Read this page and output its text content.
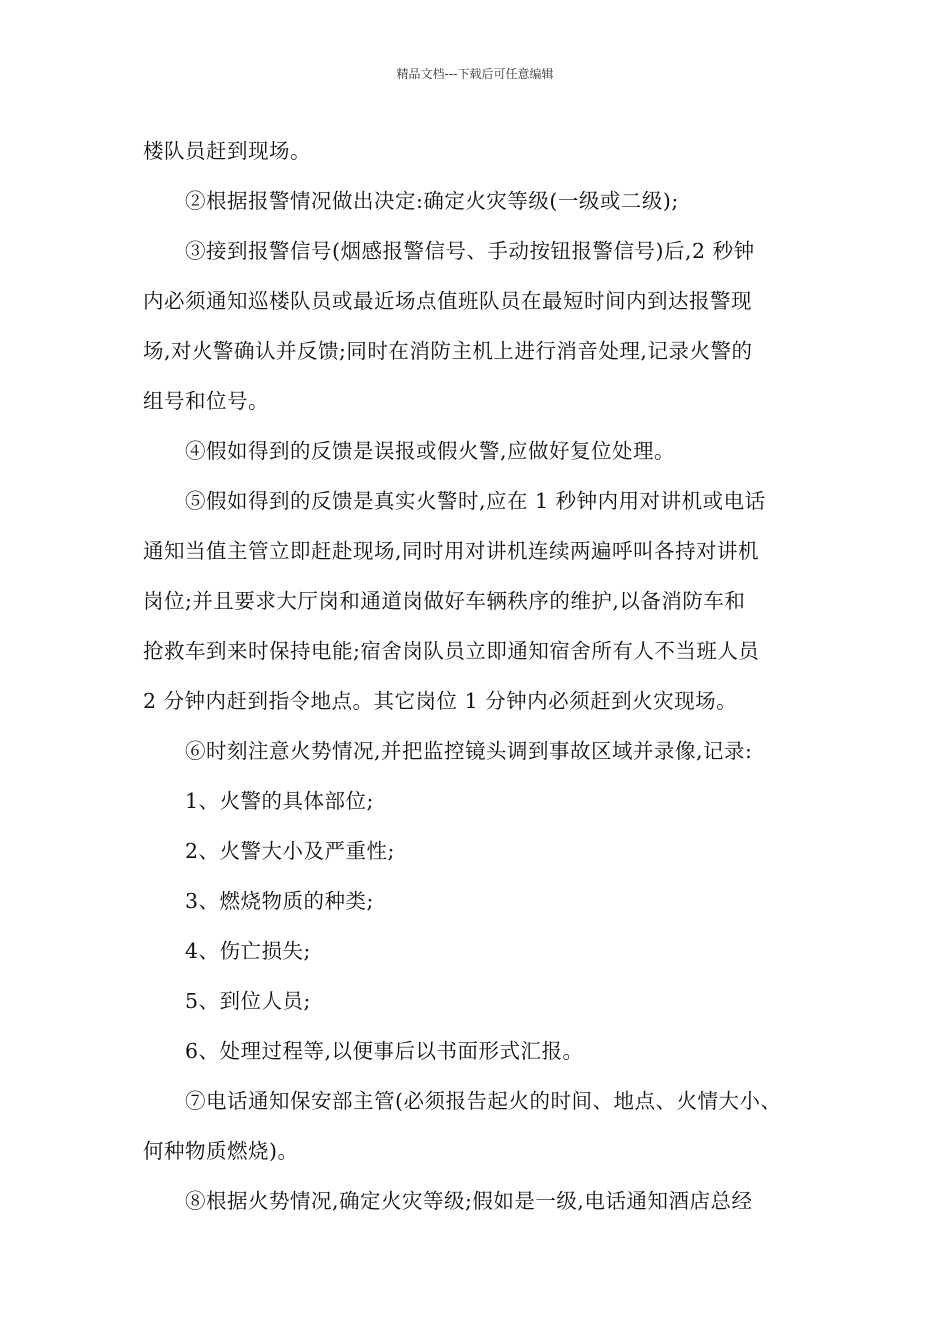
精品文档---下载后可任意编辑
楼队员赶到现场。
②根据报警情况做出决定:确定火灾等级(一级或二级);
③接到报警信号(烟感报警信号、手动按钮报警信号)后,2 秒钟
内必须通知巡楼队员或最近场点值班队员在最短时间内到达报警现
场,对火警确认并反馈;同时在消防主机上进行消音处理,记录火警的
组号和位号。
④假如得到的反馈是误报或假火警,应做好复位处理。
⑤假如得到的反馈是真实火警时,应在 1 秒钟内用对讲机或电话
通知当值主管立即赶赴现场,同时用对讲机连续两遍呼叫各持对讲机
岗位;并且要求大厅岗和通道岗做好车辆秩序的维护,以备消防车和
抢救车到来时保持电能;宿舍岗队员立即通知宿舍所有人不当班人员
2 分钟内赶到指令地点。其它岗位 1 分钟内必须赶到火灾现场。
⑥时刻注意火势情况,并把监控镜头调到事故区域并录像,记录:
1、火警的具体部位;
2、火警大小及严重性;
3、燃烧物质的种类;
4、伤亡损失;
5、到位人员;
6、处理过程等,以便事后以书面形式汇报。
⑦电话通知保安部主管(必须报告起火的时间、地点、火情大小、
何种物质燃烧)。
⑧根据火势情况,确定火灾等级;假如是一级,电话通知酒店总经
